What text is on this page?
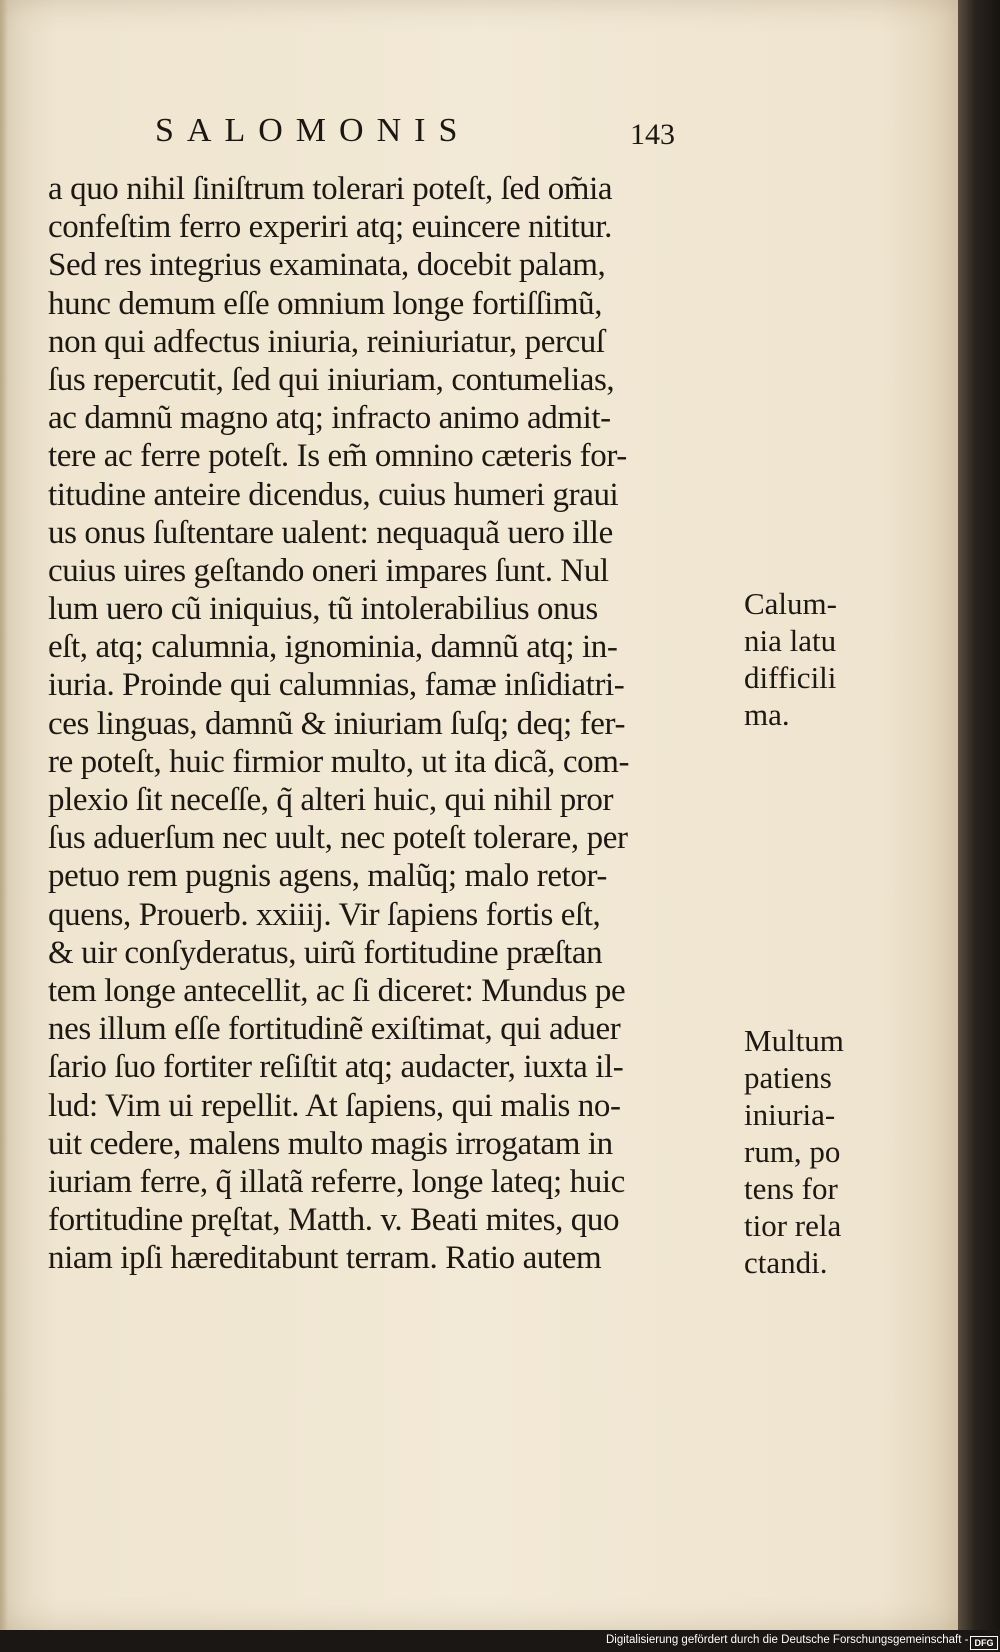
SALOMONIS	143
a quo nihil ſiniſtrum tolerari poteſt, ſed om̃ia
confeſtim ferro experiri atq; euincere nititur.
Sed res integrius examinata, docebit palam,
hunc demum eſſe omnium longe fortiſſimũ,
non qui adfectus iniuria, reiniuriatur, percuſ
ſus repercutit, ſed qui iniuriam, contumelias,
ac damnũ magno atq; infracto animo admit-
tere ac ferre poteſt. Is em̃ omnino cæteris for-
titudine anteire dicendus, cuius humeri graui
us onus ſuſtentare ualent: nequaquã uero ille
cuius uires geſtando oneri impares ſunt. Nul
lum uero cũ iniquius, tũ intolerabilius onus
eſt, atq; calumnia, ignominia, damnũ atq; in-
iuria. Proinde qui calumnias, famæ inſidiatri-
ces linguas, damnũ & iniuriam ſuſq; deq; fer-
re poteſt, huic firmior multo, ut ita dicã, com-
plexio ſit neceſſe, q̃ alteri huic, qui nihil pror
ſus aduerſum nec uult, nec poteſt tolerare, per
petuo rem pugnis agens, malũq; malo retor-
quens, Prouerb. xxiiij. Vir ſapiens fortis eſt,
& uir conſyderatus, uirũ fortitudine præſtan
tem longe antecellit, ac ſi diceret: Mundus pe
nes illum eſſe fortitudinẽ exiſtimat, qui aduer
ſario ſuo fortiter reſiſtit atq; audacter, iuxta il-
lud: Vim ui repellit. At ſapiens, qui malis no-
uit cedere, malens multo magis irrogatam in
iuriam ferre, q̃ illatã referre, longe lateq; huic
fortitudine pręſtat, Matth. v. Beati mites, quo
niam ipſi hæreditabunt terram. Ratio autem
Calum-
nia latu
difficili
ma.
Multum
patiens
iniuria-
rum, po
tens for
tior rela
ctandi.
Digitalisierung gefördert durch die Deutsche Forschungsgemeinschaft - DFG
